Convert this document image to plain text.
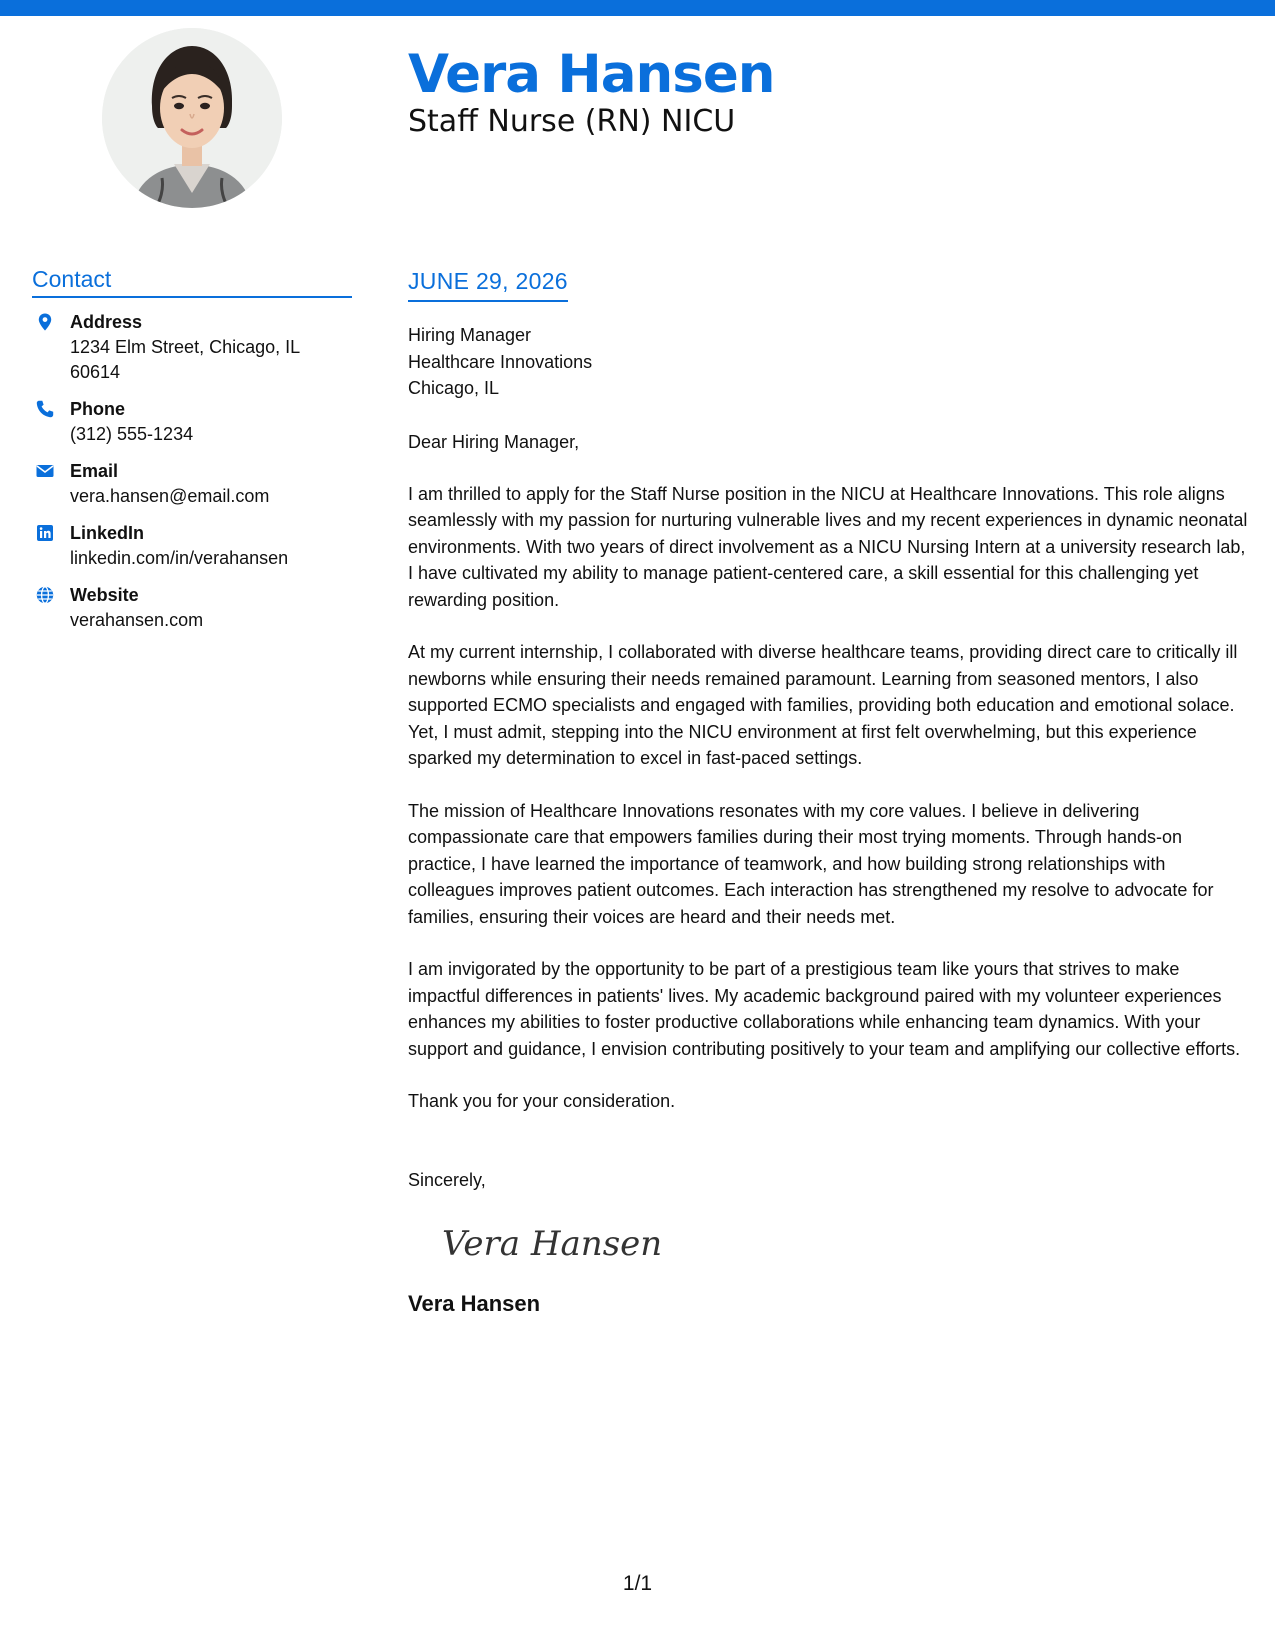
Vera Hansen
Staff Nurse (RN) NICU
Contact
Address
1234 Elm Street, Chicago, IL 60614
Phone
(312) 555-1234
Email
vera.hansen@email.com
LinkedIn
linkedin.com/in/verahansen
Website
verahansen.com
JUNE 29, 2026
Hiring Manager
Healthcare Innovations
Chicago, IL
Dear Hiring Manager,
I am thrilled to apply for the Staff Nurse position in the NICU at Healthcare Innovations. This role aligns seamlessly with my passion for nurturing vulnerable lives and my recent experiences in dynamic neonatal environments. With two years of direct involvement as a NICU Nursing Intern at a university research lab, I have cultivated my ability to manage patient-centered care, a skill essential for this challenging yet rewarding position.
At my current internship, I collaborated with diverse healthcare teams, providing direct care to critically ill newborns while ensuring their needs remained paramount. Learning from seasoned mentors, I also supported ECMO specialists and engaged with families, providing both education and emotional solace. Yet, I must admit, stepping into the NICU environment at first felt overwhelming, but this experience sparked my determination to excel in fast-paced settings.
The mission of Healthcare Innovations resonates with my core values. I believe in delivering compassionate care that empowers families during their most trying moments. Through hands-on practice, I have learned the importance of teamwork, and how building strong relationships with colleagues improves patient outcomes. Each interaction has strengthened my resolve to advocate for families, ensuring their voices are heard and their needs met.
I am invigorated by the opportunity to be part of a prestigious team like yours that strives to make impactful differences in patients' lives. My academic background paired with my volunteer experiences enhances my abilities to foster productive collaborations while enhancing team dynamics. With your support and guidance, I envision contributing positively to your team and amplifying our collective efforts.
Thank you for your consideration.
Sincerely,
Vera Hansen
Vera Hansen
1/1
